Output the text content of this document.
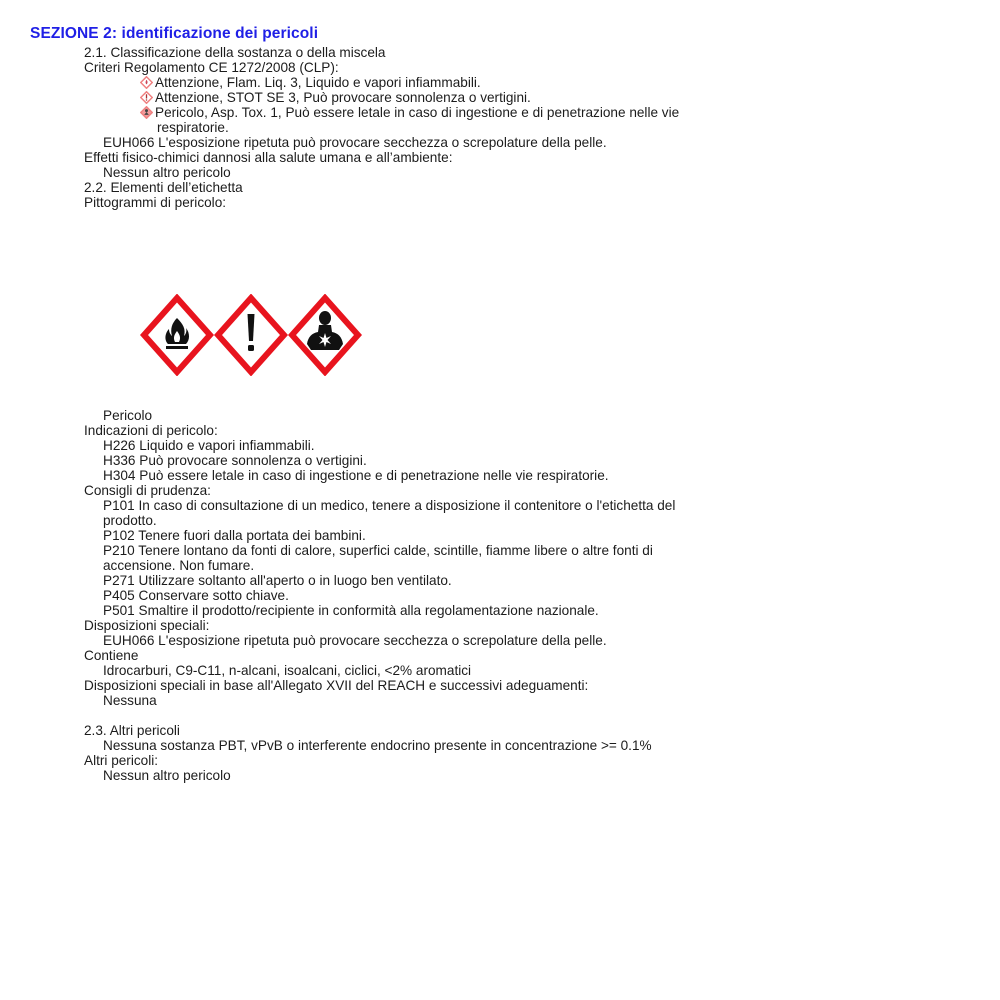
SEZIONE 2: identificazione dei pericoli
2.1. Classificazione della sostanza o della miscela
Criteri Regolamento CE 1272/2008 (CLP):
Attenzione, Flam. Liq. 3, Liquido e vapori infiammabili.
Attenzione, STOT SE 3, Può provocare sonnolenza o vertigini.
Pericolo, Asp. Tox. 1, Può essere letale in caso di ingestione e di penetrazione nelle vie
respiratorie.
EUH066 L'esposizione ripetuta può provocare secchezza o screpolature della pelle.
Effetti fisico-chimici dannosi alla salute umana e all’ambiente:
Nessun altro pericolo
2.2. Elementi dell’etichetta
Pittogrammi di pericolo:
Pericolo
Indicazioni di pericolo:
H226 Liquido e vapori infiammabili.
H336 Può provocare sonnolenza o vertigini.
H304 Può essere letale in caso di ingestione e di penetrazione nelle vie respiratorie.
Consigli di prudenza:
P101 In caso di consultazione di un medico, tenere a disposizione il contenitore o l'etichetta del
prodotto.
P102 Tenere fuori dalla portata dei bambini.
P210 Tenere lontano da fonti di calore, superfici calde, scintille, fiamme libere o altre fonti di
accensione. Non fumare.
P271 Utilizzare soltanto all'aperto o in luogo ben ventilato.
P405 Conservare sotto chiave.
P501 Smaltire il prodotto/recipiente in conformità alla regolamentazione nazionale.
Disposizioni speciali:
EUH066 L'esposizione ripetuta può provocare secchezza o screpolature della pelle.
Contiene
Idrocarburi, C9-C11, n-alcani, isoalcani, ciclici, <2% aromatici
Disposizioni speciali in base all'Allegato XVII del REACH e successivi adeguamenti:
Nessuna
2.3. Altri pericoli
Nessuna sostanza PBT, vPvB o interferente endocrino presente in concentrazione >= 0.1%
Altri pericoli:
Nessun altro pericolo
